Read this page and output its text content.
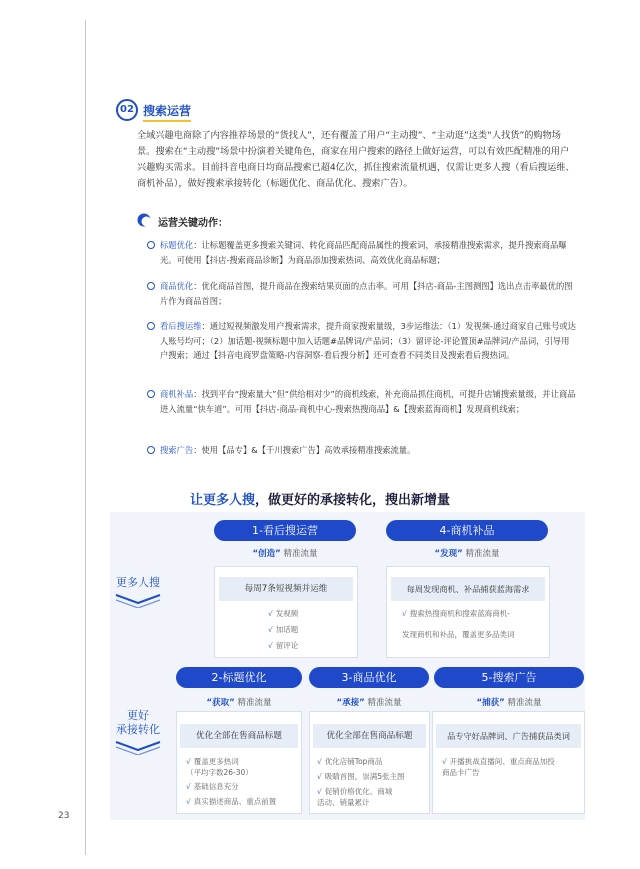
02 搜索运营

全域兴趣电商除了内容推荐场景的“货找人”，还有覆盖了用户“主动搜”、“主动逛”这类“人找货”的购物场景。搜索在“主动搜”场景中扮演着关键角色，商家在用户搜索的路径上做好运营，可以有效匹配精准的用户兴趣购买需求。目前抖音电商日均商品搜索已超4亿次，抓住搜索流量机遇，仅需让更多人搜（看后搜运维、商机补品），做好搜索承接转化（标题优化、商品优化、搜索广告）。

运营关键动作：
标题优化：让标题覆盖更多搜索关键词、转化商品匹配商品属性的搜索词，承接精准搜索需求，提升搜索商品曝光。可使用【抖店-搜索商品诊断】为商品添加搜索热词、高效优化商品标题；
商品优化：优化商品首图，提升商品在搜索结果页面的点击率。可用【抖店-商品-主图测图】选出点击率最优的图片作为商品首图；
看后搜运维：通过短视频激发用户搜索需求，提升商家搜索量级，3步运维法：（1）发视频-通过商家自己账号或达人账号均可；（2）加话题-视频标题中加入话题#品牌词/产品词；（3）留评论-评论置顶#品牌词/产品词，引导用户搜索；通过【抖音电商罗盘策略-内容洞察-看后搜分析】还可查看不同类目及搜索看后搜热词。
商机补品：找到平台“搜索量大”但“供给相对少”的商机线索，补充商品抓住商机，可提升店铺搜索量级，并让商品进入流量“快车道”。可用【抖店-商品-商机中心-搜索热搜商品】&【搜索蓝海商机】发现商机线索；
搜索广告：使用【品专】&【千川搜索广告】高效承接精准搜索流量。
让更多人搜，做更好的承接转化，搜出新增量
更多人搜
更好
承接转化
1-看后搜运营
“创造” 精准流量
每周7条短视频并运维
√ 发视频
√ 加话题
√ 留评论
4-商机补品
“发现” 精准流量
每周发现商机、补品捕获蓝海需求
√ 搜索热搜商机和搜索蓝海商机-
发现商机和补品，覆盖更多品类词
2-标题优化
“获取” 精准流量
优化全部在售商品标题
√ 覆盖更多热词
（平均字数26-30）
√ 基础信息充分
√ 真实描述商品、重点前置
3-商品优化
“承接” 精准流量
优化全部在售商品标题
√ 优化店铺Top商品
√ 吸睛首图，崇满5张主图
√ 促销价格优化、商城
活动、销量累计
5-搜索广告
“捕获” 精准流量
品专守好品牌词、广告捕获品类词
√ 开播挑战直播间、重点商品加投
商品卡广告
23
